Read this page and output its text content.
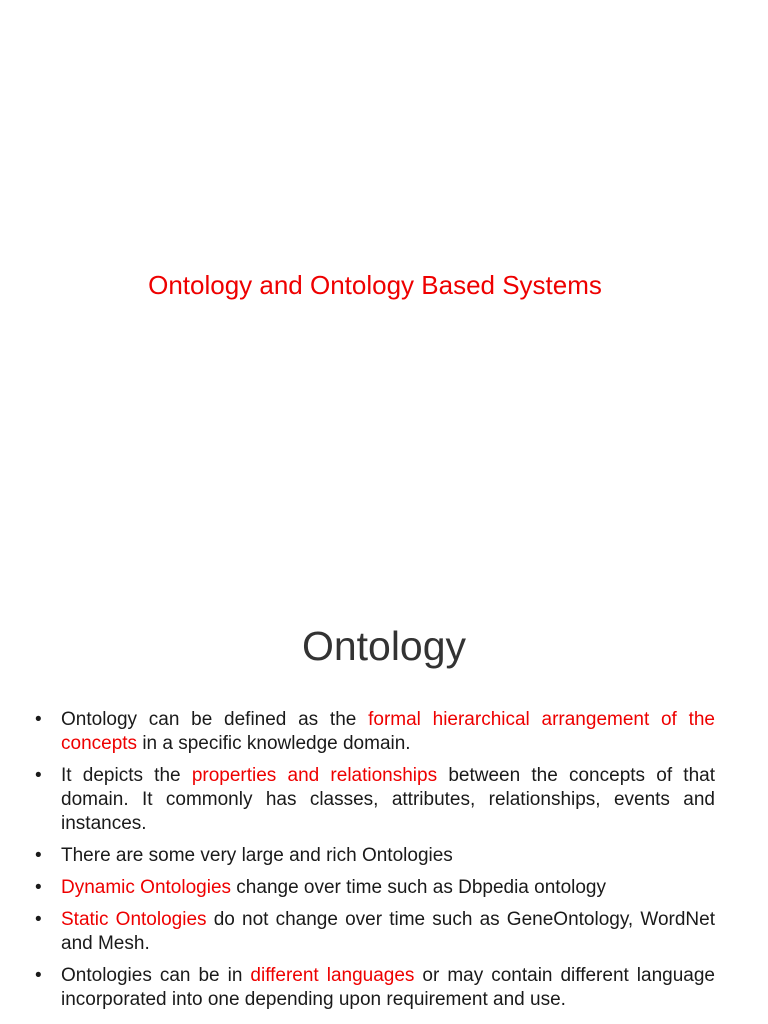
Ontology and Ontology Based Systems
Ontology
• Ontology can be defined as the formal hierarchical arrangement of the concepts in a specific knowledge domain.
• It depicts the properties and relationships between the concepts of that domain. It commonly has classes, attributes, relationships, events and instances.
• There are some very large and rich Ontologies
• Dynamic Ontologies change over time such as Dbpedia ontology
• Static Ontologies do not change over time such as GeneOntology, WordNet and Mesh.
• Ontologies can be in different languages or may contain different language incorporated into one depending upon requirement and use.
